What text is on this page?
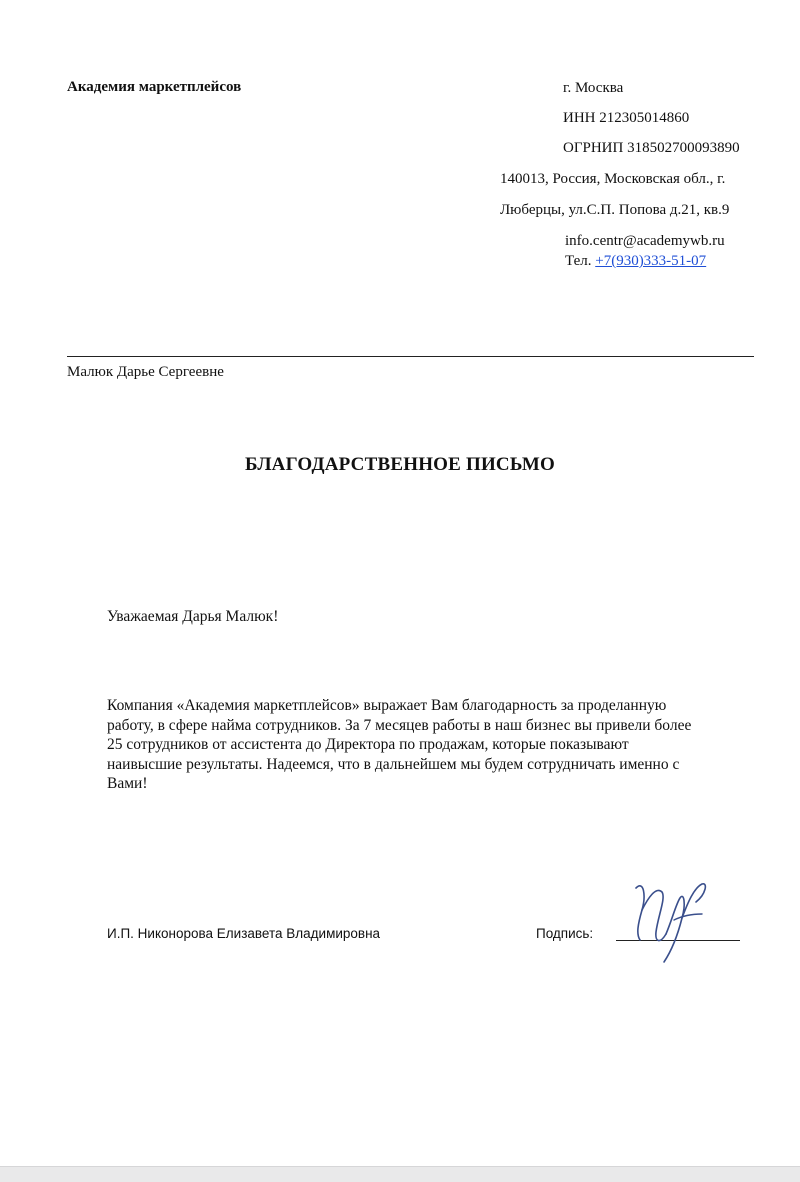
Академия маркетплейсов	г. Москва
ИНН 212305014860
ОГРНИП 318502700093890
140013, Россия, Московская обл., г.
Люберцы, ул.С.П. Попова д.21, кв.9
info.centr@academywb.ru
Тел. +7(930)333-51-07
Малюк Дарье Сергеевне
БЛАГОДАРСТВЕННОЕ ПИСЬМО
Уважаемая Дарья Малюк!
Компания «Академия маркетплейсов» выражает Вам благодарность за проделанную
работу, в сфере найма сотрудников. За 7 месяцев работы в наш бизнес вы привели более
25 сотрудников от ассистента до Директора по продажам, которые показывают
наивысшие результаты. Надеемся, что в дальнейшем мы будем сотрудничать именно с
Вами!
И.П. Никонорова Елизавета Владимировна	Подпись:
